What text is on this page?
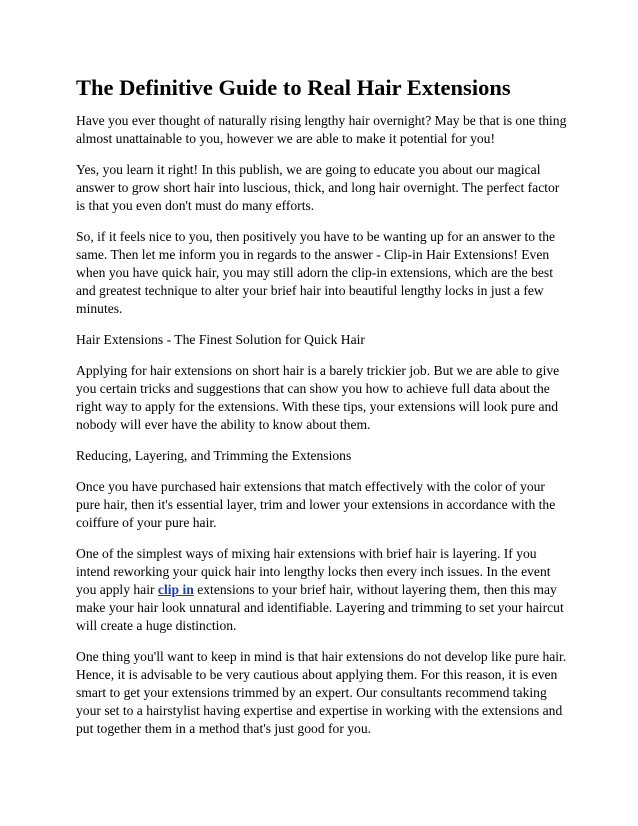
The Definitive Guide to Real Hair Extensions

Have you ever thought of naturally rising lengthy hair overnight? May be that is one thing almost unattainable to you, however we are able to make it potential for you!

Yes, you learn it right! In this publish, we are going to educate you about our magical answer to grow short hair into luscious, thick, and long hair overnight. The perfect factor is that you even don't must do many efforts.

So, if it feels nice to you, then positively you have to be wanting up for an answer to the same. Then let me inform you in regards to the answer - Clip-in Hair Extensions! Even when you have quick hair, you may still adorn the clip-in extensions, which are the best and greatest technique to alter your brief hair into beautiful lengthy locks in just a few minutes.

Hair Extensions - The Finest Solution for Quick Hair

Applying for hair extensions on short hair is a barely trickier job. But we are able to give you certain tricks and suggestions that can show you how to achieve full data about the right way to apply for the extensions. With these tips, your extensions will look pure and nobody will ever have the ability to know about them.

Reducing, Layering, and Trimming the Extensions

Once you have purchased hair extensions that match effectively with the color of your pure hair, then it's essential layer, trim and lower your extensions in accordance with the coiffure of your pure hair.

One of the simplest ways of mixing hair extensions with brief hair is layering. If you intend reworking your quick hair into lengthy locks then every inch issues. In the event you apply hair clip in extensions to your brief hair, without layering them, then this may make your hair look unnatural and identifiable. Layering and trimming to set your haircut will create a huge distinction.

One thing you'll want to keep in mind is that hair extensions do not develop like pure hair. Hence, it is advisable to be very cautious about applying them. For this reason, it is even smart to get your extensions trimmed by an expert. Our consultants recommend taking your set to a hairstylist having expertise and expertise in working with the extensions and put together them in a method that's just good for you.
